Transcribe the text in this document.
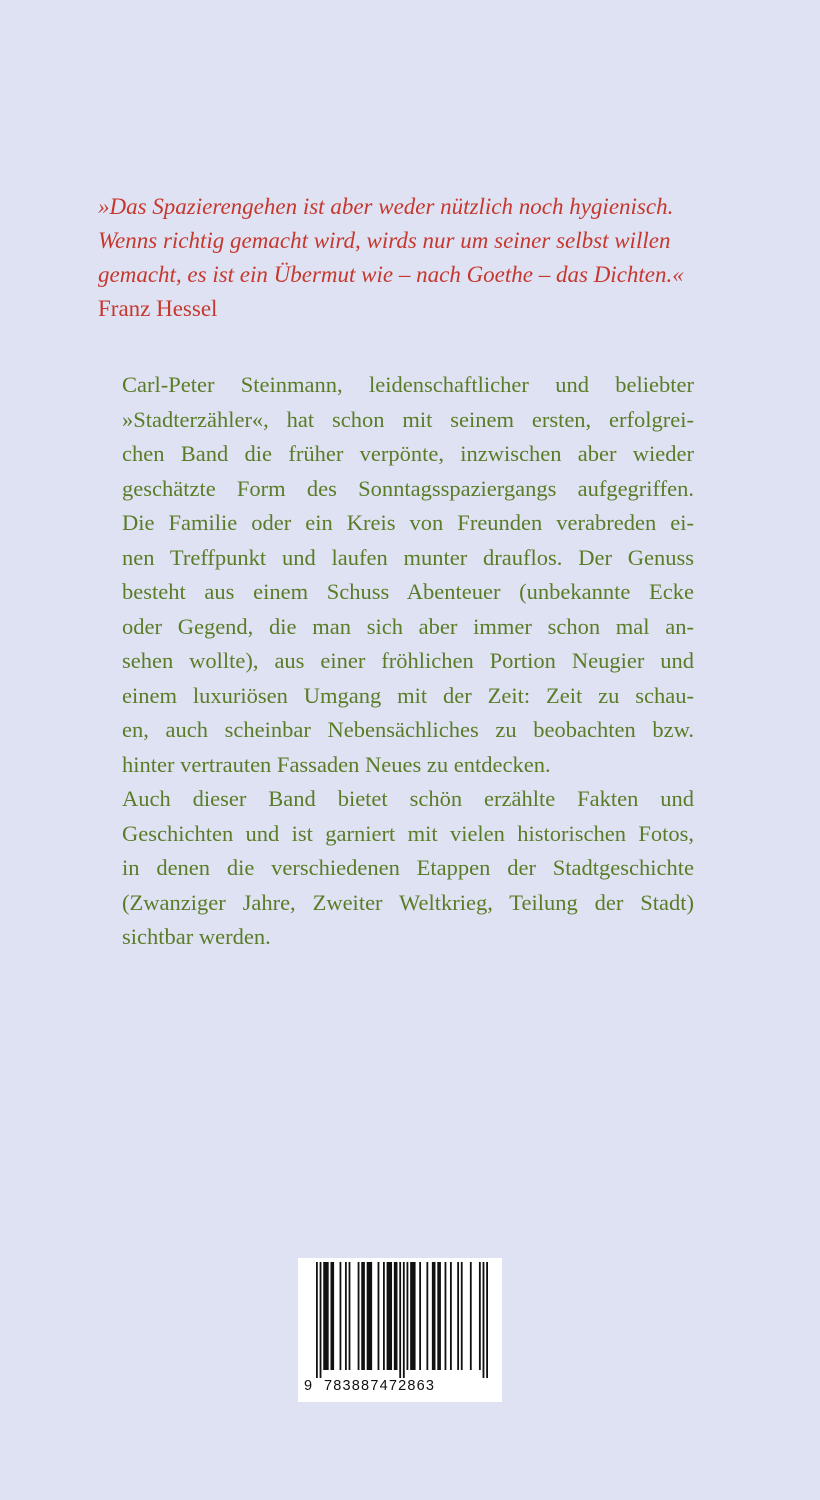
»Das Spazierengehen ist aber weder nützlich noch hygienisch.
Wenns richtig gemacht wird, wirds nur um seiner selbst willen
gemacht, es ist ein Übermut wie – nach Goethe – das Dichten.«
Franz Hessel
Carl-Peter Steinmann, leidenschaftlicher und beliebter
»Stadterzähler«, hat schon mit seinem ersten, erfolgrei-
chen Band die früher verpönte, inzwischen aber wieder
geschätzte Form des Sonntagsspaziergangs aufgegriffen.
Die Familie oder ein Kreis von Freunden verabreden ei-
nen Treffpunkt und laufen munter drauflos. Der Genuss
besteht aus einem Schuss Abenteuer (unbekannte Ecke
oder Gegend, die man sich aber immer schon mal an-
sehen wollte), aus einer fröhlichen Portion Neugier und
einem luxuriösen Umgang mit der Zeit: Zeit zu schau-
en, auch scheinbar Nebensächliches zu beobachten bzw.
hinter vertrauten Fassaden Neues zu entdecken.
Auch dieser Band bietet schön erzählte Fakten und
Geschichten und ist garniert mit vielen historischen Fotos,
in denen die verschiedenen Etappen der Stadtgeschichte
(Zwanziger Jahre, Zweiter Weltkrieg, Teilung der Stadt)
sichtbar werden.
9 783887472863
